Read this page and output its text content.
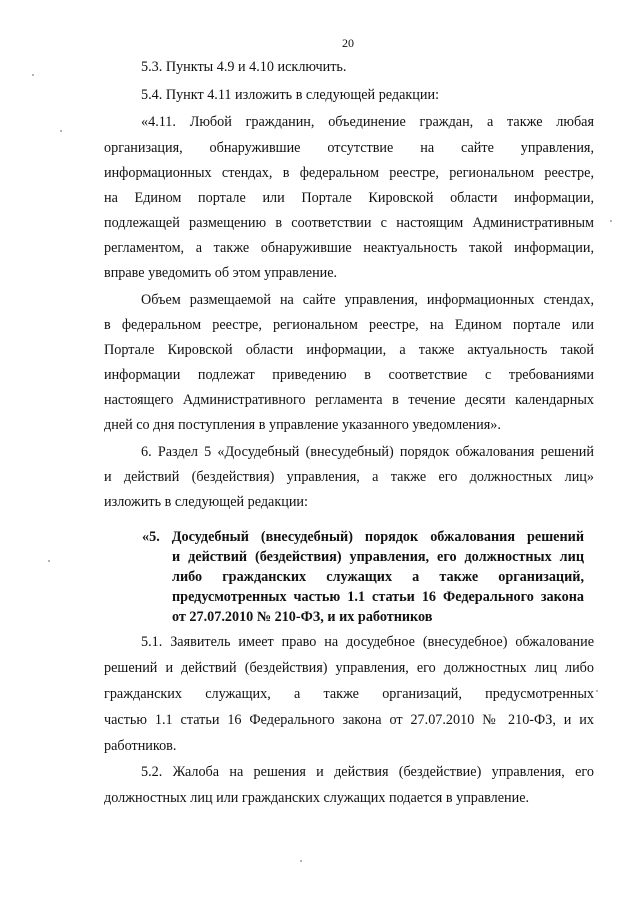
20
5.3. Пункты 4.9 и 4.10 исключить.
5.4. Пункт 4.11 изложить в следующей редакции:
«4.11. Любой гражданин, объединение граждан, а также любая
организация, обнаружившие отсутствие на сайте управления,
информационных стендах, в федеральном реестре, региональном реестре,
на Едином портале или Портале Кировской области информации,
подлежащей размещению в соответствии с настоящим Административным
регламентом, а также обнаружившие неактуальность такой информации,
вправе уведомить об этом управление.
Объем размещаемой на сайте управления, информационных стендах,
в федеральном реестре, региональном реестре, на Едином портале или
Портале Кировской области информации, а также актуальность такой
информации подлежат приведению в соответствие с требованиями
настоящего Административного регламента в течение десяти календарных
дней со дня поступления в управление указанного уведомления».
6. Раздел 5 «Досудебный (внесудебный) порядок обжалования решений
и действий (бездействия) управления, а также его должностных лиц»
изложить в следующей редакции:
«5. Досудебный (внесудебный) порядок обжалования решений
и действий (бездействия) управления, его должностных лиц
либо гражданских служащих а также организаций,
предусмотренных частью 1.1 статьи 16 Федерального закона
от 27.07.2010 № 210-ФЗ, и их работников
5.1. Заявитель имеет право на досудебное (внесудебное) обжалование
решений и действий (бездействия) управления, его должностных лиц либо
гражданских служащих, а также организаций, предусмотренных
частью 1.1 статьи 16 Федерального закона от 27.07.2010 № 210-ФЗ, и их
работников.
5.2. Жалоба на решения и действия (бездействие) управления, его
должностных лиц или гражданских служащих подается в управление.
